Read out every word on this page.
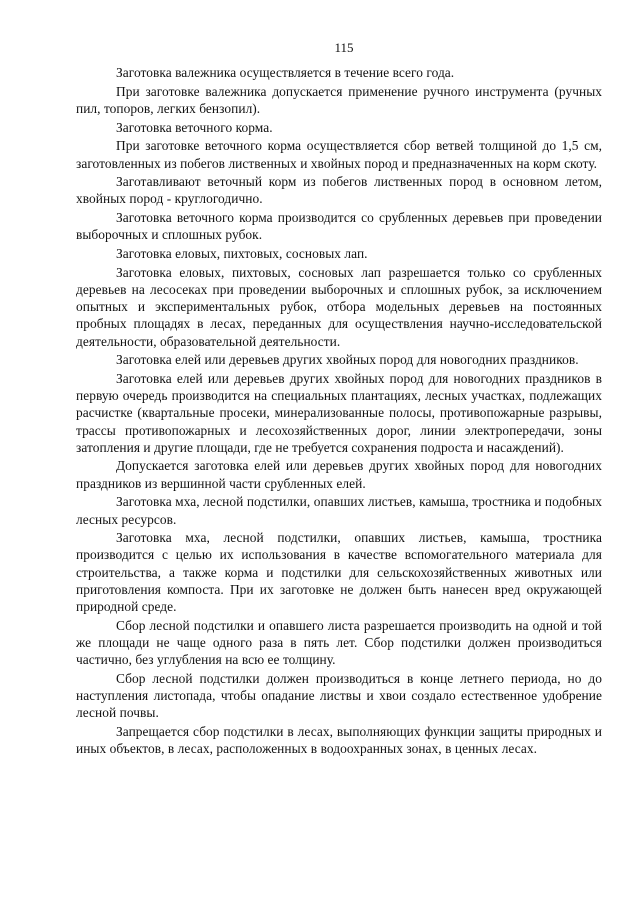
115

Заготовка валежника осуществляется в течение всего года.

При заготовке валежника допускается применение ручного инструмента (ручных пил, топоров, легких бензопил).

Заготовка веточного корма.

При заготовке веточного корма осуществляется сбор ветвей толщиной до 1,5 см, заготовленных из побегов лиственных и хвойных пород и предназначенных на корм скоту.

Заготавливают веточный корм из побегов лиственных пород в основном летом, хвойных пород - круглогодично.

Заготовка веточного корма производится со срубленных деревьев при проведении выборочных и сплошных рубок.

Заготовка еловых, пихтовых, сосновых лап.

Заготовка еловых, пихтовых, сосновых лап разрешается только со срубленных деревьев на лесосеках при проведении выборочных и сплошных рубок, за исключением опытных и экспериментальных рубок, отбора модельных деревьев на постоянных пробных площадях в лесах, переданных для осуществления научно-исследовательской деятельности, образовательной деятельности.

Заготовка елей или деревьев других хвойных пород для новогодних праздников.

Заготовка елей или деревьев других хвойных пород для новогодних праздников в первую очередь производится на специальных плантациях, лесных участках, подлежащих расчистке (квартальные просеки, минерализованные полосы, противопожарные разрывы, трассы противопожарных и лесохозяйственных дорог, линии электропередачи, зоны затопления и другие площади, где не требуется сохранения подроста и насаждений).

Допускается заготовка елей или деревьев других хвойных пород для новогодних праздников из вершинной части срубленных елей.

Заготовка мха, лесной подстилки, опавших листьев, камыша, тростника и подобных лесных ресурсов.

Заготовка мха, лесной подстилки, опавших листьев, камыша, тростника производится с целью их использования в качестве вспомогательного материала для строительства, а также корма и подстилки для сельскохозяйственных животных или приготовления компоста. При их заготовке не должен быть нанесен вред окружающей природной среде.

Сбор лесной подстилки и опавшего листа разрешается производить на одной и той же площади не чаще одного раза в пять лет. Сбор подстилки должен производиться частично, без углубления на всю ее толщину.

Сбор лесной подстилки должен производиться в конце летнего периода, но до наступления листопада, чтобы опадание листвы и хвои создало естественное удобрение лесной почвы.

Запрещается сбор подстилки в лесах, выполняющих функции защиты природных и иных объектов, в лесах, расположенных в водоохранных зонах, в ценных лесах.
